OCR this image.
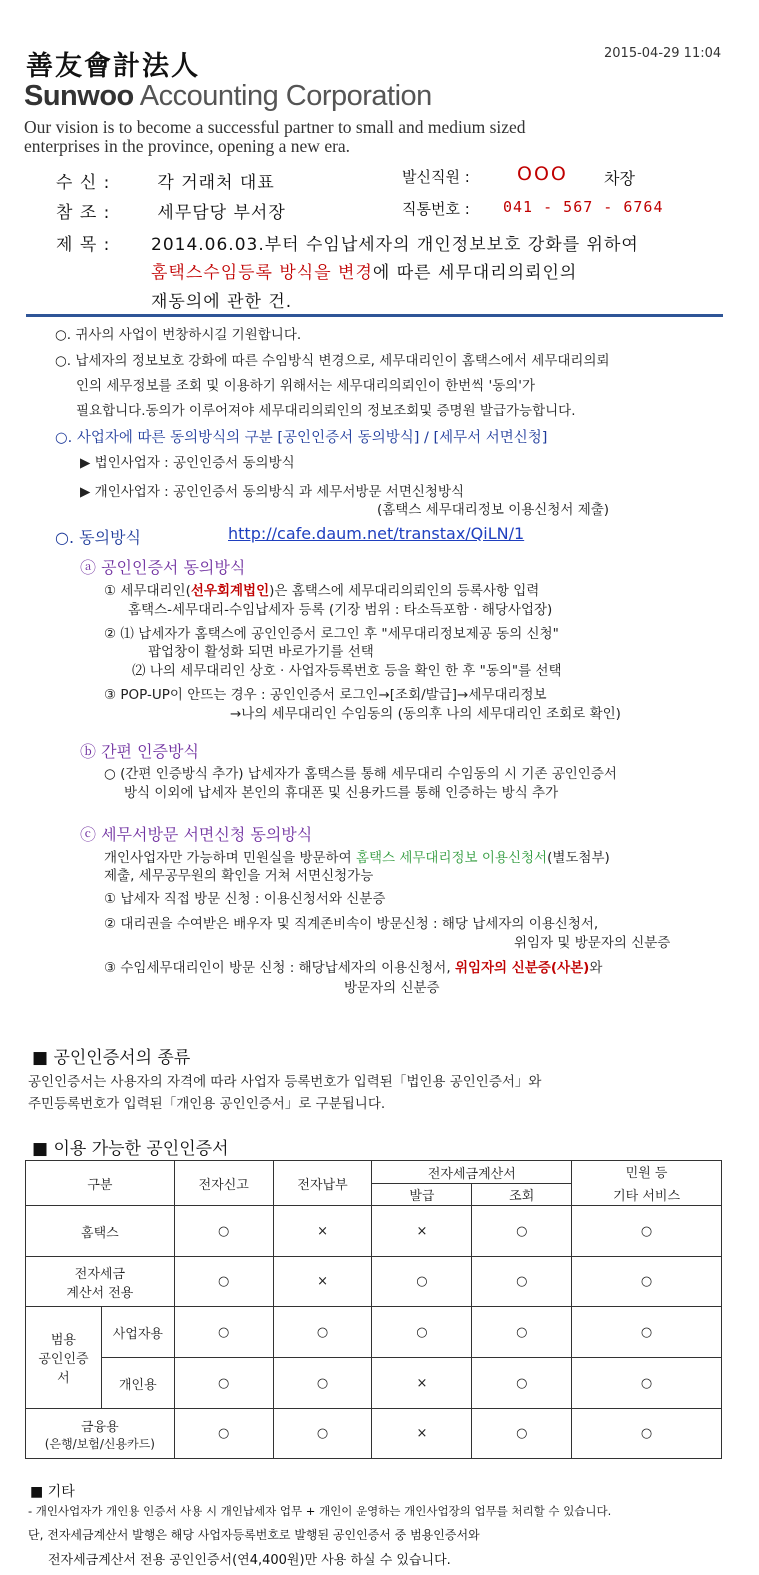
善友會計法人
Sunwoo Accounting Corporation
Our vision is to become a successful partner to small and medium sized
enterprises in the province, opening a new era.
2015-04-29 11:04
수 신 :	각 거래처 대표
참 조 :	세무담당 부서장
제 목 : 2014.06.03.부터 수임납세자의 개인정보보호 강화를 위하여
홈택스수임등록 방식을 변경에 따른 세무대리의뢰인의
재동의에 관한 건.
발신직원 : OOO 차장
직통번호 : 041 - 567 - 6764
○. 귀사의 사업이 번창하시길 기원합니다.
○. 납세자의 정보보호 강화에 따른 수임방식 변경으로, 세무대리인이 홈택스에서 세무대리의뢰
인의 세무정보를 조회 및 이용하기 위해서는 세무대리의뢰인이 한번씩 '동의'가
필요합니다.동의가 이루어져야 세무대리의뢰인의 정보조회및 증명원 발급가능합니다.
○. 사업자에 따른 동의방식의 구분 [공인인증서 동의방식] / [세무서 서면신청]
▶ 법인사업자 : 공인인증서 동의방식
▶ 개인사업자 : 공인인증서 동의방식 과 세무서방문 서면신청방식
(홈택스 세무대리정보 이용신청서 제출)
○. 동의방식	http://cafe.daum.net/transtax/QiLN/1
ⓐ 공인인증서 동의방식
① 세무대리인(선우회계법인)은 홈택스에 세무대리의뢰인의 등록사항 입력
홈택스-세무대리-수임납세자 등록 (기장 범위 : 타소득포함 · 해당사업장)
② ⑴ 납세자가 홈택스에 공인인증서 로그인 후 "세무대리정보제공 동의 신청"
팝업창이 활성화 되면 바로가기를 선택
⑵ 나의 세무대리인 상호 · 사업자등록번호 등을 확인 한 후 "동의"를 선택
③ POP-UP이 안뜨는 경우 : 공인인증서 로그인→[조회/발급]→세무대리정보
→나의 세무대리인 수임동의 (동의후 나의 세무대리인 조회로 확인)
ⓑ 간편 인증방식
○ (간편 인증방식 추가) 납세자가 홈택스를 통해 세무대리 수임동의 시 기존 공인인증서
방식 이외에 납세자 본인의 휴대폰 및 신용카드를 통해 인증하는 방식 추가
ⓒ 세무서방문 서면신청 동의방식
개인사업자만 가능하며 민원실을 방문하여 홈택스 세무대리정보 이용신청서(별도첨부)
제출, 세무공무원의 확인을 거쳐 서면신청가능
① 납세자 직접 방문 신청 : 이용신청서와 신분증
② 대리권을 수여받은 배우자 및 직계존비속이 방문신청 : 해당 납세자의 이용신청서,
위임자 및 방문자의 신분증
③ 수임세무대리인이 방문 신청 : 해당납세자의 이용신청서, 위임자의 신분증(사본)와
방문자의 신분증
■ 공인인증서의 종류
공인인증서는 사용자의 자격에 따라 사업자 등록번호가 입력된「법인용 공인인증서」와
주민등록번호가 입력된「개인용 공인인증서」로 구분됩니다.
■ 이용 가능한 공인인증서
구분		전자신고	전자납부	전자세금계산서		민원 등
기타 서비스

				발급	조회	
홈택스		○	×	×	○	○

전자세금
계산서 전용		○	×	○	○	○

범용
공인인증
서	사업자용	○	○	○	○	○
	개인용	○	○	×	○	○

금융용
(은행/보험/신용카드)		○	○	×	○	○
■ 기타
- 개인사업자가 개인용 인증서 사용 시 개인납세자 업무 + 개인이 운영하는 개인사업장의 업무를 처리할 수 있습니다.
단, 전자세금계산서 발행은 해당 사업자등록번호로 발행된 공인인증서 중 범용인증서와
전자세금계산서 전용 공인인증서(연4,400원)만 사용 하실 수 있습니다.
